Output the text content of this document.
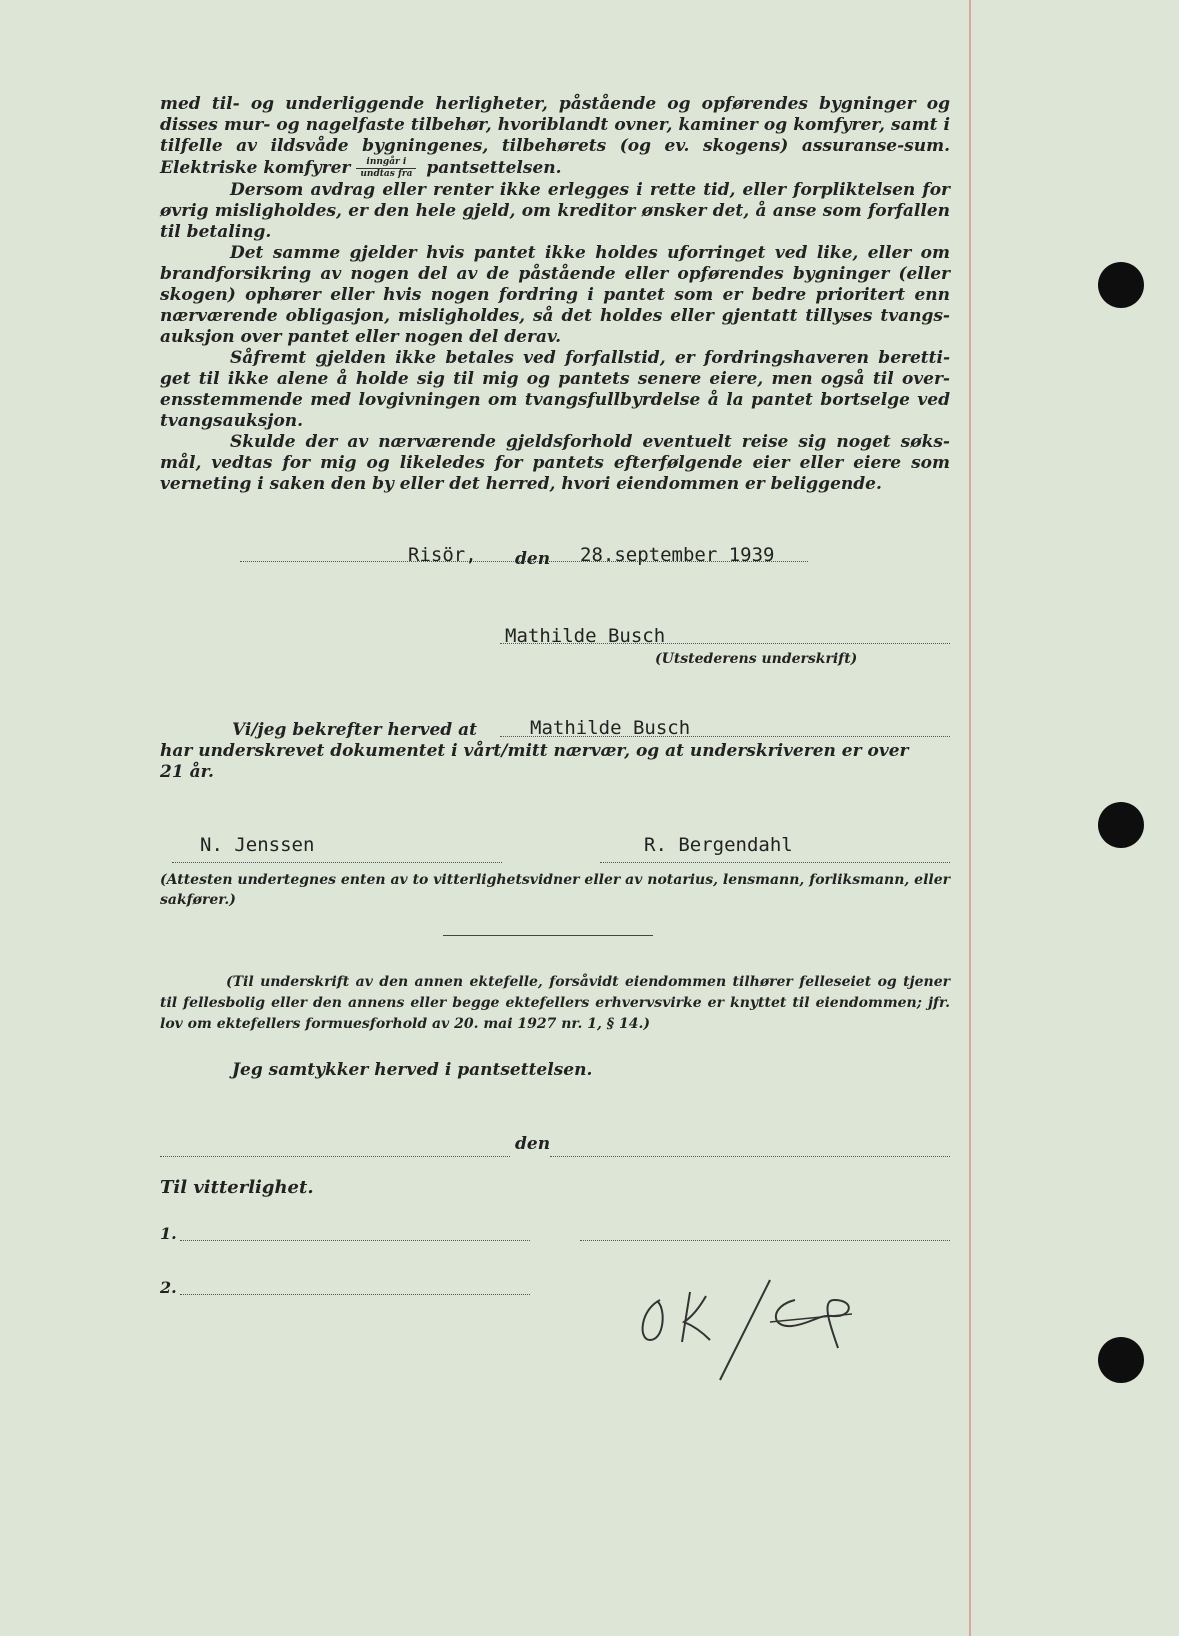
med til- og underliggende herligheter, påstående og opførendes bygninger og disses mur- og nagelfaste tilbehør, hvoriblandt ovner, kaminer og komfyrer, samt i tilfelle av ildsvåde bygningenes, tilbehørets (og ev. skogens) assuranse-sum. Elektriske komfyrer $\frac{\text{inngår i}}{\text{undtas fra}}$ pantsettelsen.

Dersom avdrag eller renter ikke erlegges i rette tid, eller forpliktelsen for øvrig misligholdes, er den hele gjeld, om kreditor ønsker det, å anse som forfallen til betaling.

Det samme gjelder hvis pantet ikke holdes uforringet ved like, eller om brandforsikring av nogen del av de påstående eller opførendes bygninger (eller skogen) ophører eller hvis nogen fordring i pantet som er bedre prioritert enn nærværende obligasjon, misligholdes, så det holdes eller gjentatt tillyses tvangs-auksjon over pantet eller nogen del derav.

Såfremt gjelden ikke betales ved forfallstid, er fordringshaveren beretti-get til ikke alene å holde sig til mig og pantets senere eiere, men også til over-ensstemmende med lovgivningen om tvangsfullbyrdelse å la pantet bortselge ved tvangsauksjon.

Skulde der av nærværende gjeldsforhold eventuelt reise sig noget søks-mål, vedtas for mig og likeledes for pantets efterfølgende eier eller eiere som verneting i saken den by eller det herred, hvori eiendommen er beliggende.

Risör, den 28.september 1939
Mathilde Busch
(Utstederens underskrift)
Vi/jeg bekrefter herved at	Mathilde Busch
har underskrevet dokumentet i vårt/mitt nærvær, og at underskriveren er over
21 år.
N. Jenssen	R. Bergendahl
(Attesten undertegnes enten av to vitterlighetsvidner eller av notarius, lensmann, forliksmann, eller sakfører.)
(Til underskrift av den annen ektefelle, forsåvidt eiendommen tilhører felleseiet og tjener til fellesbolig eller den annens eller begge ektefellers erhvervsvirke er knyttet til eiendommen; jfr. lov om ektefellers formuesforhold av 20. mai 1927 nr. 1, § 14.)
Jeg samtykker herved i pantsettelsen.
den
Til vitterlighet.
1.
2.
